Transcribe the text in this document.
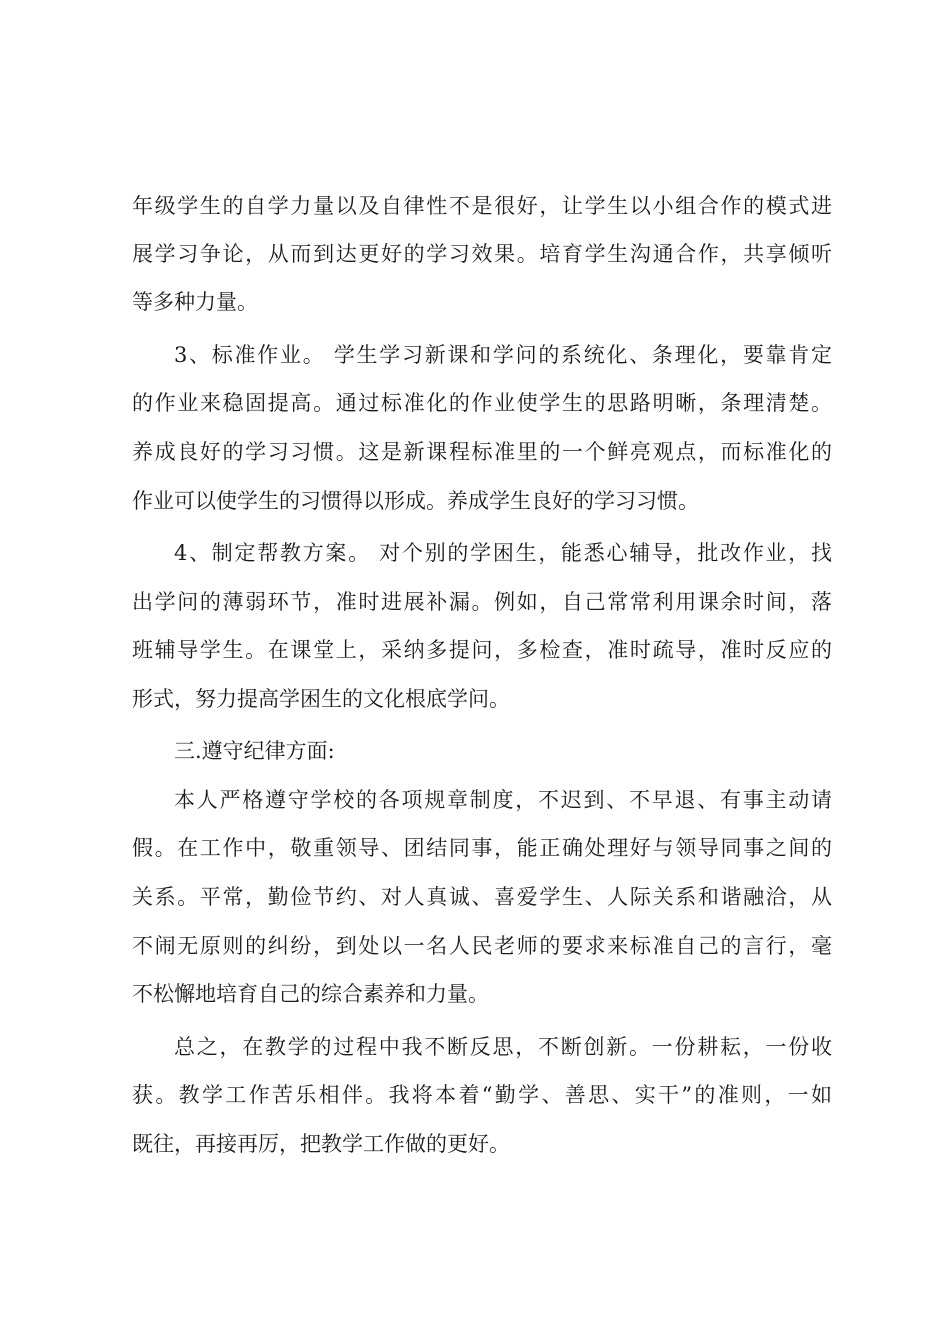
年级学生的自学力量以及自律性不是很好，让学生以小组合作的模式进
展学习争论，从而到达更好的学习效果。培育学生沟通合作，共享倾听
等多种力量。
3、标准作业。 学生学习新课和学问的系统化、条理化，要靠肯定
的作业来稳固提高。通过标准化的作业使学生的思路明晰，条理清楚。
养成良好的学习习惯。这是新课程标准里的一个鲜亮观点，而标准化的
作业可以使学生的习惯得以形成。养成学生良好的学习习惯。
4、制定帮教方案。 对个别的学困生，能悉心辅导，批改作业，找
出学问的薄弱环节，准时进展补漏。例如，自己常常利用课余时间，落
班辅导学生。在课堂上，采纳多提问，多检查，准时疏导，准时反应的
形式，努力提高学困生的文化根底学问。
三.遵守纪律方面:
本人严格遵守学校的各项规章制度，不迟到、不早退、有事主动请
假。在工作中，敬重领导、团结同事，能正确处理好与领导同事之间的
关系。平常，勤俭节约、对人真诚、喜爱学生、人际关系和谐融洽，从
不闹无原则的纠纷，到处以一名人民老师的要求来标准自己的言行，毫
不松懈地培育自己的综合素养和力量。
总之，在教学的过程中我不断反思，不断创新。一份耕耘，一份收
获。教学工作苦乐相伴。我将本着“勤学、善思、实干”的准则，一如
既往，再接再厉，把教学工作做的更好。
